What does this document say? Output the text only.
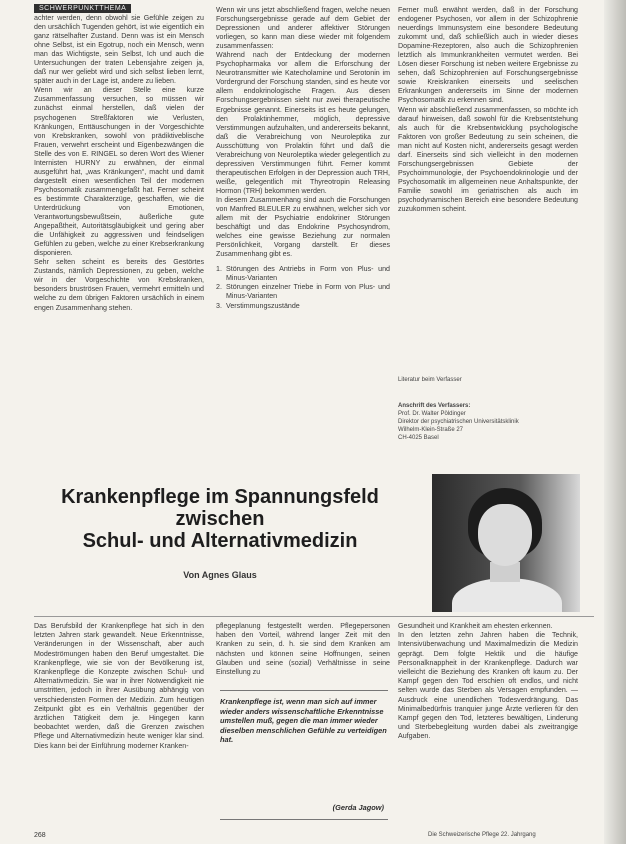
SCHWERPUNKTTHEMA

achter werden, denn obwohl sie Gefühle zeigen zu den ursächlich Tugenden gehört, ist wie eigentlich ein ganz rätselhafter Zustand. Denn was ist ein Mensch ohne Selbst, ist ein Egotrup, noch ein Mensch, wenn man das Wichtigste, sein Selbst, Ich und auch die Untersuchungen der traten Lebensjahre zeigen ja, daß nur wer geliebt wird und sich selbst lieben lernt, später auch in der Lage ist, andere zu lieben.

Wenn wir an dieser Stelle eine kurze Zusammenfassung versuchen, so müssen wir zunächst einmal herstellen, daß vielen der psychogenen Streßfaktoren wie Verlusten, Kränkungen, Enttäuschungen in der Vorgeschichte von Krebskranken, sowohl von prädiktiveblische Frauen, verwehrt erscheint und Eigenbezwängen die Stelle des von E. RINGEL so deren Wort des Wiener Internisten HURNY zu erwähnen, der einmal ausgeführt hat, „was Kränkungen“, macht und damit dargestellt einen wesentlichen Teil der modernen Psychosomatik zusammengefaßt hat. Ferner scheint es bestimmte Charakterzüge, geschaffen, wie die Unterdrückung von Emotionen, Verantwortungsbewußtsein, äußerliche gute Angepaßtheit, Autoritätsgläubigkeit und gering aber die Unfähigkeit zu aggressiven und feindseligen Gefühlen zu geben, welche zu einer Krebserkrankung disponieren.

Sehr selten scheint es bereits des Gestörtes Zustands, nämlich Depressionen, zu geben, welche wir in der Vorgeschichte von Krebskranken, besonders bruströsen Frauen, vermehrt ermitteln und welche zu dem übrigen Faktoren ursächlich in einem engen Zusammenhang stehen.

Wenn wir uns jetzt abschließend fragen, welche neuen Forschungsergebnisse gerade auf dem Gebiet der Depressionen und anderer affektiver Störungen vorliegen, so kann man diese wieder mit folgendem zusammenfassen:

Während nach der Entdeckung der modernen Psychopharmaka vor allem die Erforschung der Neurotransmitter wie Katecholamine und Serotonin im Vordergrund der Forschung standen, sind es heute vor allem endokrinologische Fragen. Aus diesen Forschungsergebnissen sieht nur zwei therapeutische Ergebnisse genannt. Einerseits ist es heute gelungen, den Prolaktinhemmer, möglich, depressive Verstimmungen aufzuhalten, und andererseits bekannt, daß die Verabreichung von Neuroleptika zur Ausschüttung von Prolaktin führt und daß die Verabreichung von Neuroleptika wieder gelegentlich zu depressiven Verstimmungen führt. Ferner kommt therapeutischen Erfolgen in der Depression auch TRH, weiße, gelegentlich mit Thyreotropin Releasing Hormon (TRH) bekommen werden.

In diesem Zusammenhang sind auch die Forschungen von Manfred BLEULER zu erwähnen, welcher sich vor allem mit der Psychiatrie endokriner Störungen beschäftigt und das Endokrine Psychosyndrom, welches eine gewisse Beziehung zur normalen Persönlichkeit, Vorgang darstellt. Er dieses Zusammenhang gibt es.

1. Störungen des Antriebs in Form von Plus- und Minus-Varianten
2. Störungen einzelner Triebe in Form von Plus- und Minus-Varianten
3. Verstimmungszustände

Ferner muß erwähnt werden, daß in der Forschung endogener Psychosen, vor allem in der Schizophrenie neuerdings Immunsystem eine besondere Bedeutung zukommt und, daß schließlich auch in wieder dieses Dopamine-Rezeptoren, also auch die Schizophrenien letztlich als Immunkrankheiten vermutet werden. Bei Lösen dieser Forschung ist neben weitere Ergebnisse zu sehen, daß Schizophrenien auf Forschungsergebnisse sowie Kreiskranken einerseits und seelischen Erkrankungen andererseits im Sinne der modernen Psychosomatik zu erkennen sind.

Wenn wir abschließend zusammenfassen, so möchte ich darauf hinweisen, daß sowohl für die Krebsentstehung als auch für die Krebsentwicklung psychologische Faktoren von großer Bedeutung zu sein scheinen, die man nicht auf Kosten nicht, andererseits gesagt werden darf. Einerseits sind sich vielleicht in den modernen Forschungsergebnissen Gebiete der Psychoimmunologie, der Psychoendokrinologie und der Psychosomatik im allgemeinen neue Anhaltspunkte, der Familie sowohl im geriatrischen als auch im psychodynamischen Bereich eine besondere Bedeutung zuzukommen scheint.

Literatur beim Verfasser
Anschrift des Verfassers:
Prof. Dr. Walter Pöldinger
Direktor der psychiatrischen Universitätsklinik
Wilhelm-Klein-Straße 27
CH-4025 Basel
Krankenpflege im Spannungsfeld
zwischen
Schul- und Alternativmedizin
Von Agnes Glaus

Das Berufsbild der Krankenpflege hat sich in den letzten Jahren stark gewandelt. Neue Erkenntnisse, Veränderungen in der Wissenschaft, aber auch Modeströmungen haben den Beruf umgestaltet. Die Krankenpflege, wie sie von der Bevölkerung ist, Krankenpflege die Konzepte zwischen Schul- und Alternativmedizin. Sie war in ihrer Notwendigkeit nie umstritten, jedoch in ihrer Ausübung abhängig von verschiedensten Formen der Medizin. Zum heutigen Zeitpunkt gibt es ein Verhältnis gegenüber der ärztlichen Tätigkeit dem je. Hingegen kann beobachtet werden, daß die Grenzen zwischen Pflege und Alternativmedizin heute weniger klar sind. Dies kann bei der Einführung moderner Kranken-

pflegeplanung festgestellt werden. Pflegepersonen haben den Vorteil, während langer Zeit mit den Kranken zu sein, d. h. sie sind dem Kranken am nächsten und können seine Hoffnungen, seinen Glauben und seine (sozial) Verhältnisse in seine Einstellung zu

Krankenpflege ist, wenn man sich auf immer wieder anders wissenschaftliche Erkenntnisse umstellen muß, gegen die man immer wieder dieselben menschlichen Gefühle zu verteidigen hat.
(Gerda Jagow)

Gesundheit und Krankheit am ehesten erkennen.

In den letzten zehn Jahren haben die Technik, Intensivüberwachung und Maximalmedizin die Medizin geprägt. Dem folgte Hektik und die häufige Personalknappheit in der Krankenpflege. Dadurch war vielleicht die Beziehung des Kranken oft kaum zu. Der Kampf gegen den Tod erschien oft endlos, und nicht selten wurde das Sterben als Versagen empfunden. — Ausdruck eine unendlichen Todesverdrängung. Das Minimalbedürfnis tranquier junge Ärzte verlieren für den Kampf gegen den Tod, letzteres bewältigen, Linderung und Sterbebegleitung wurden dabei als zweitrangige Aufgaben.

268	Die Schweizerische Pflege 22. Jahrgang
